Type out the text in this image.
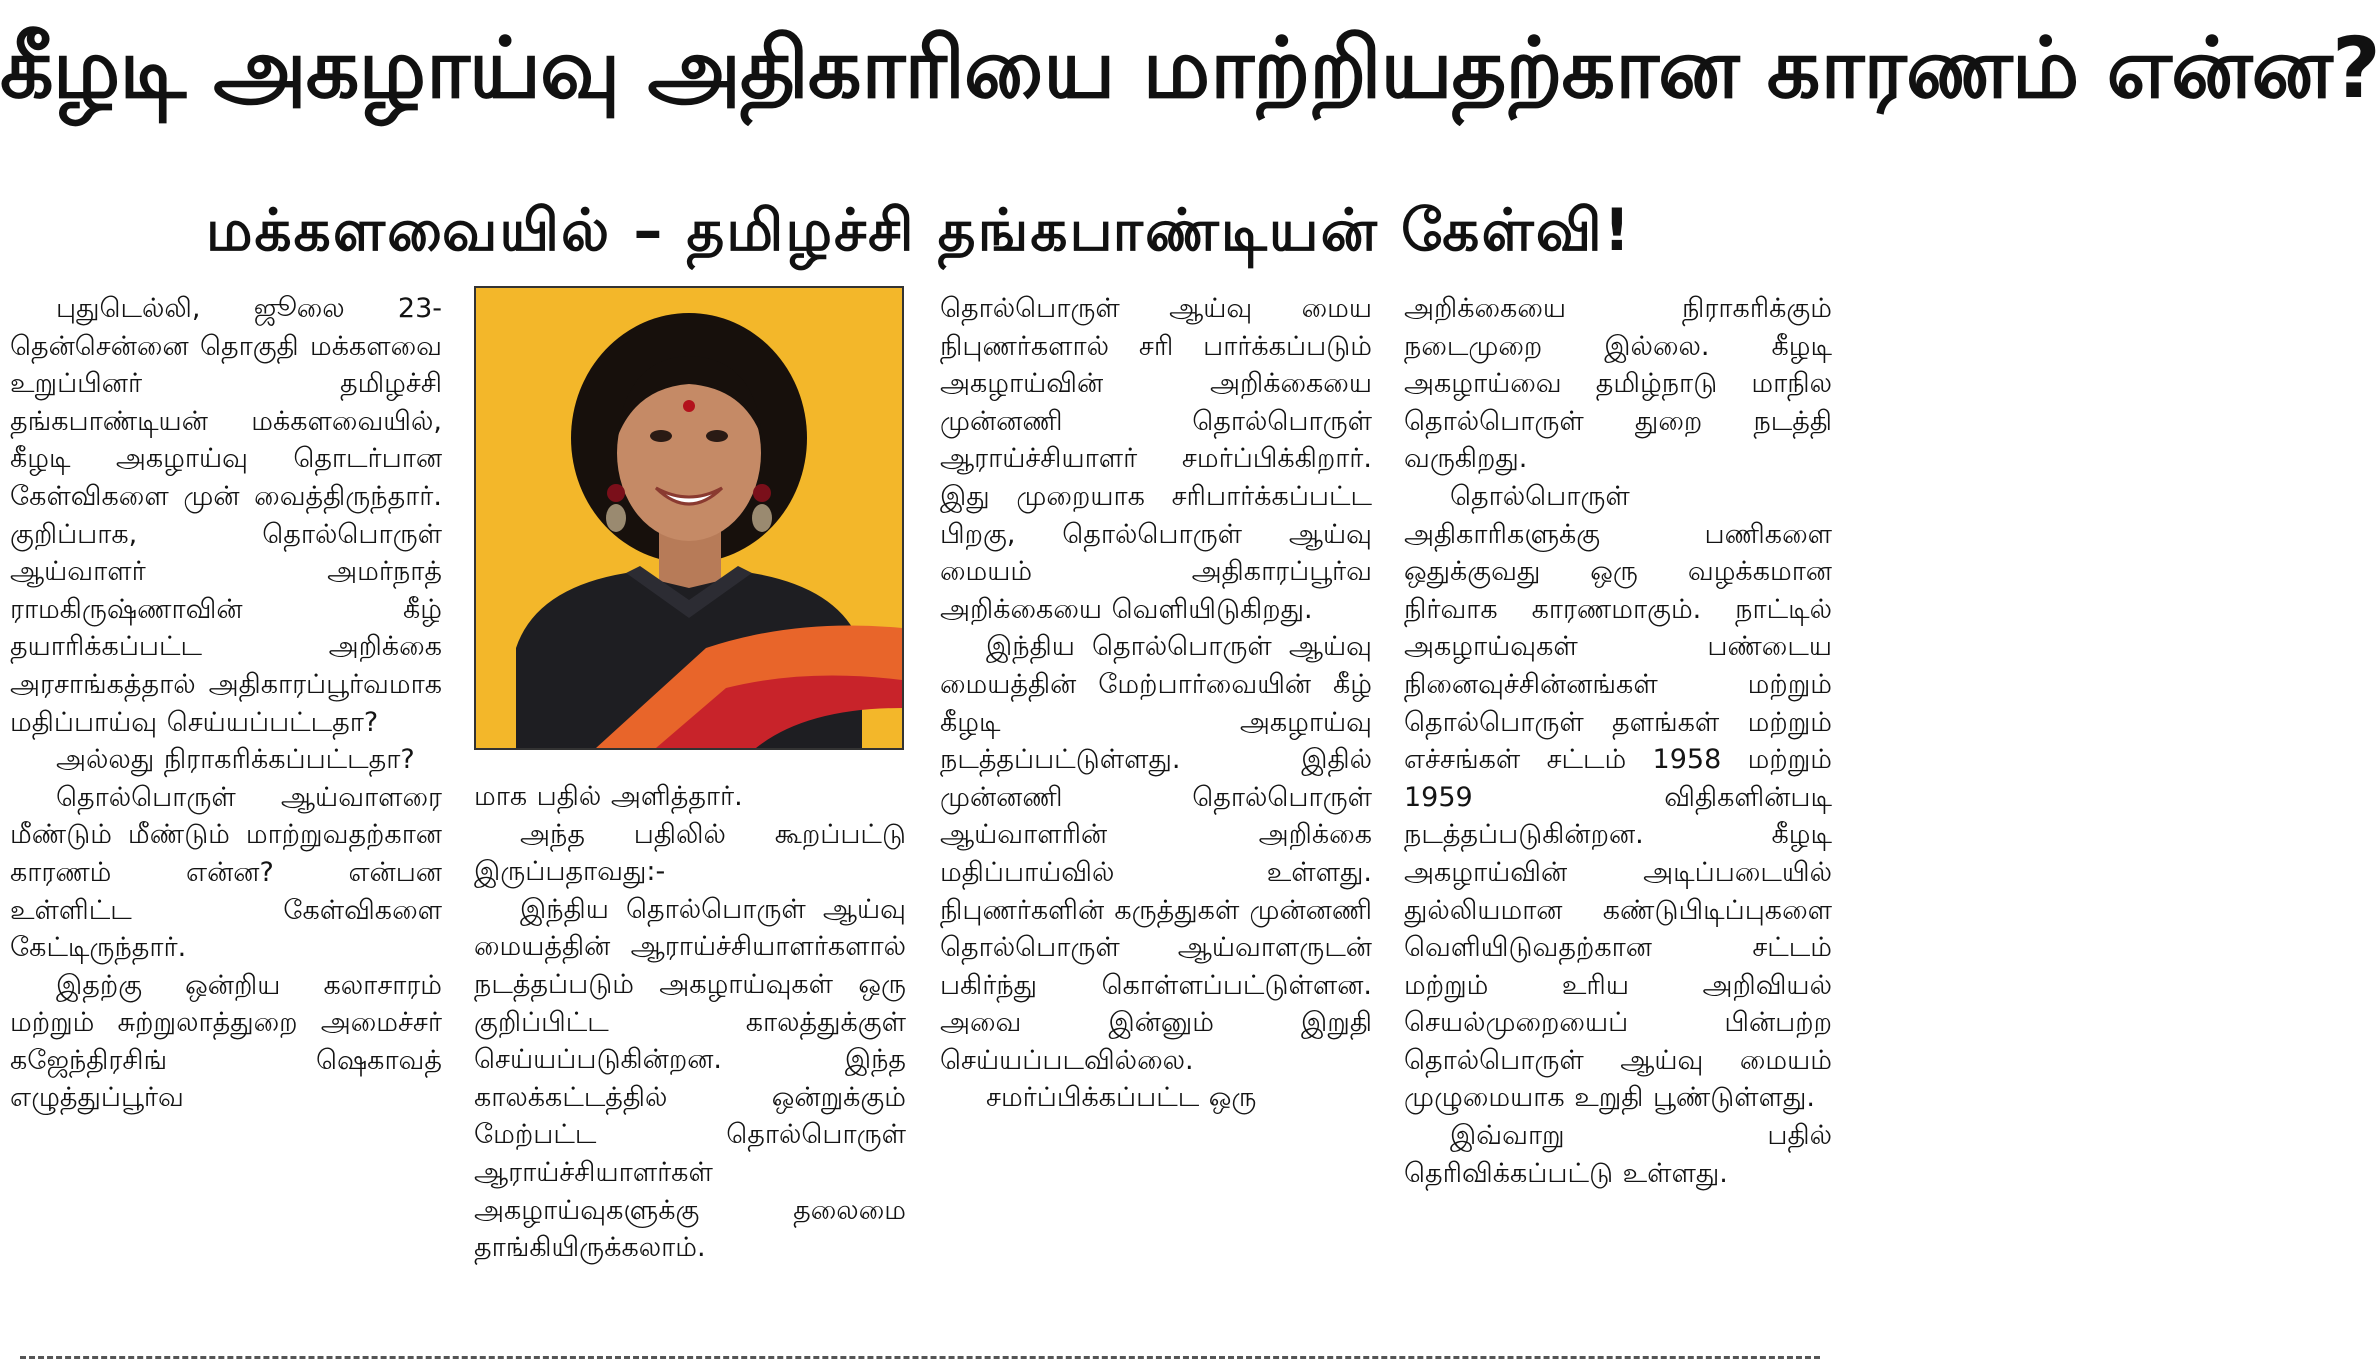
கீழடி அகழாய்வு அதிகாரியை மாற்றியதற்கான காரணம் என்ன?
மக்களவையில் – தமிழச்சி தங்கபாண்டியன் கேள்வி!

புதுடெல்லி, ஜூலை 23- தென்சென்னை தொகுதி மக்களவை உறுப்பினர் தமிழச்சி தங்கபாண்டியன் மக்களவையில், கீழடி அகழாய்வு தொடர்பான கேள்விகளை முன் வைத்திருந்தார். குறிப்பாக, தொல்பொருள் ஆய்வாளர் அமர்நாத் ராமகிருஷ்ணாவின் கீழ் தயாரிக்கப்பட்ட அறிக்கை அரசாங்கத்தால் அதிகாரப்பூர்வமாக மதிப்பாய்வு செய்யப்பட்டதா?

அல்லது நிராகரிக்கப்பட்டதா?

தொல்பொருள் ஆய்வாளரை மீண்டும் மீண்டும் மாற்றுவதற்கான காரணம் என்ன? என்பன உள்ளிட்ட கேள்விகளை கேட்டிருந்தார்.

இதற்கு ஒன்றிய கலாசாரம் மற்றும் சுற்றுலாத்துறை அமைச்சர் கஜேந்திரசிங் ஷெகாவத் எழுத்துப்பூர்வ

மாக பதில் அளித்தார்.

அந்த பதிலில் கூறப்பட்டு இருப்பதாவது:-

இந்திய தொல்பொருள் ஆய்வு மையத்தின் ஆராய்ச்சியாளர்களால் நடத்தப்படும் அகழாய்வுகள் ஒரு குறிப்பிட்ட காலத்துக்குள் செய்யப்படுகின்றன. இந்த காலக்கட்டத்தில் ஒன்றுக்கும் மேற்பட்ட தொல்பொருள் ஆராய்ச்சியாளர்கள் அகழாய்வுகளுக்கு தலைமை தாங்கியிருக்கலாம்.

தொல்பொருள் ஆய்வு மைய நிபுணர்களால் சரி பார்க்கப்படும் அகழாய்வின் அறிக்கையை முன்னணி தொல்பொருள் ஆராய்ச்சியாளர் சமர்ப்பிக்கிறார். இது முறையாக சரிபார்க்கப்பட்ட பிறகு, தொல்பொருள் ஆய்வு மையம் அதிகாரப்பூர்வ அறிக்கையை வெளியிடுகிறது.

இந்திய தொல்பொருள் ஆய்வு மையத்தின் மேற்பார்வையின் கீழ் கீழடி அகழாய்வு நடத்தப்பட்டுள்ளது. இதில் முன்னணி தொல்பொருள் ஆய்வாளரின் அறிக்கை மதிப்பாய்வில் உள்ளது. நிபுணர்களின் கருத்துகள் முன்னணி தொல்பொருள் ஆய்வாளருடன் பகிர்ந்து கொள்ளப்பட்டுள்ளன. அவை இன்னும் இறுதி செய்யப்படவில்லை.

சமர்ப்பிக்கப்பட்ட ஒரு

அறிக்கையை நிராகரிக்கும் நடைமுறை இல்லை. கீழடி அகழாய்வை தமிழ்நாடு மாநில தொல்பொருள் துறை நடத்தி வருகிறது.

தொல்பொருள் அதிகாரிகளுக்கு பணிகளை ஒதுக்குவது ஒரு வழக்கமான நிர்வாக காரணமாகும். நாட்டில் அகழாய்வுகள் பண்டைய நினைவுச்சின்னங்கள் மற்றும் தொல்பொருள் தளங்கள் மற்றும் எச்சங்கள் சட்டம் 1958 மற்றும் 1959 விதிகளின்படி நடத்தப்படுகின்றன. கீழடி அகழாய்வின் அடிப்படையில் துல்லியமான கண்டுபிடிப்புகளை வெளியிடுவதற்கான சட்டம் மற்றும் உரிய அறிவியல் செயல்முறையைப் பின்பற்ற தொல்பொருள் ஆய்வு மையம் முழுமையாக உறுதி பூண்டுள்ளது.

இவ்வாறு பதில் தெரிவிக்கப்பட்டு உள்ளது.
